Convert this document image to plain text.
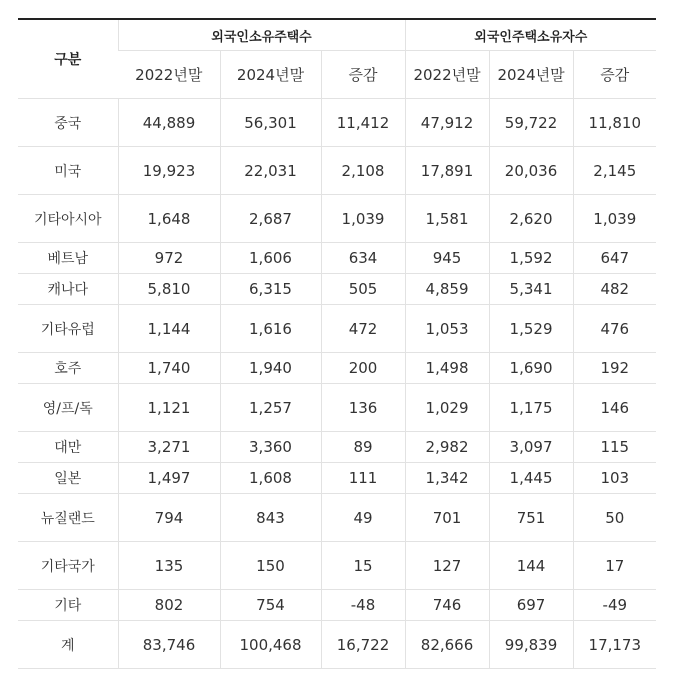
구분	외국인소유주택수			외국인주택소유자수		
	2022년말	2024년말	증감	2022년말	2024년말	증감
중국	44,889	56,301	11,412	47,912	59,722	11,810
미국	19,923	22,031	2,108	17,891	20,036	2,145
기타아시아	1,648	2,687	1,039	1,581	2,620	1,039
베트남	972	1,606	634	945	1,592	647
캐나다	5,810	6,315	505	4,859	5,341	482
기타유럽	1,144	1,616	472	1,053	1,529	476
호주	1,740	1,940	200	1,498	1,690	192
영/프/독	1,121	1,257	136	1,029	1,175	146
대만	3,271	3,360	89	2,982	3,097	115
일본	1,497	1,608	111	1,342	1,445	103
뉴질랜드	794	843	49	701	751	50
기타국가	135	150	15	127	144	17
기타	802	754	-48	746	697	-49
계	83,746	100,468	16,722	82,666	99,839	17,173
